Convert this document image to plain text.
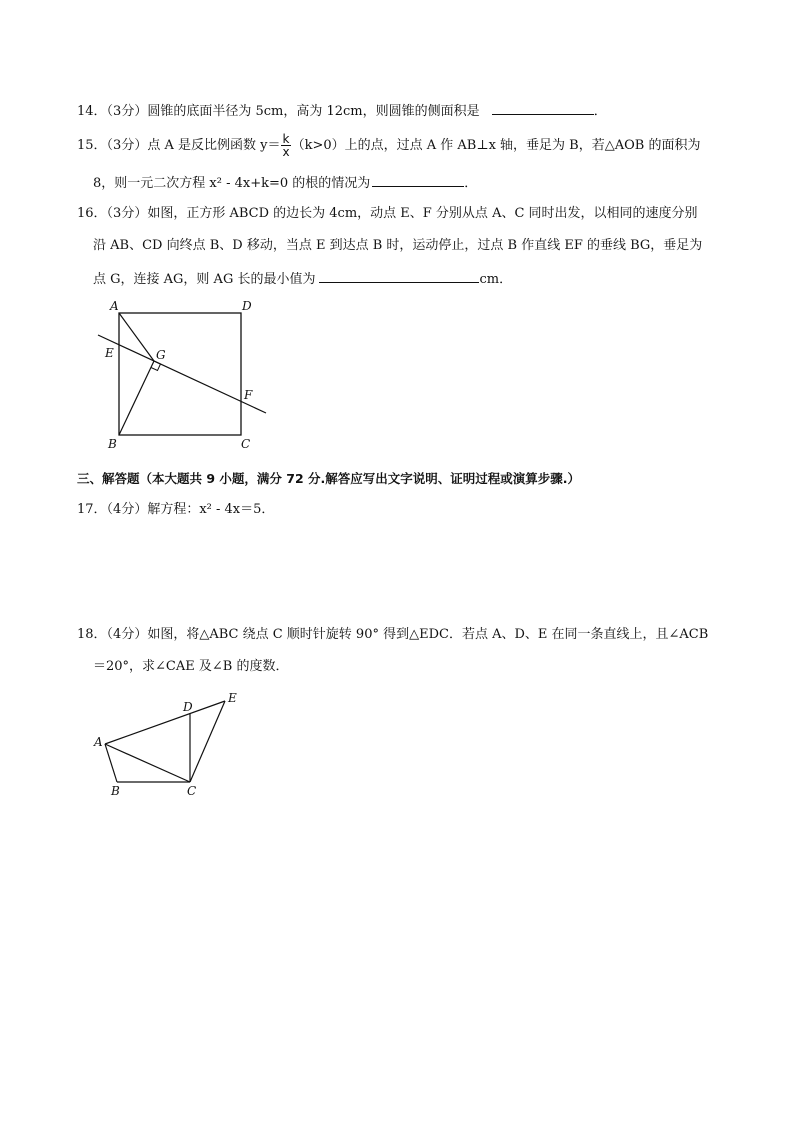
14．（3分）圆锥的底面半径为 5cm，高为 12cm，则圆锥的侧面积是	．
15．（3分）点 A 是反比例函数 $y= \frac{k}{x} (k>0)$上的点，过点 A 作 AB⊥x 轴，垂足为 B，若△AOB 的面积为
8，则一元二次方程 x² - 4x+k=0 的根的情况为	．
16．（3分）如图，正方形 ABCD 的边长为 4cm，动点 E、F 分别从点 A、C 同时出发，以相同的速度分别
沿 AB、CD 向终点 B、D 移动，当点 E 到达点 B 时，运动停止，过点 B 作直线 EF 的垂线 BG，垂足为
点 G，连接 AG，则 AG 长的最小值为	cm．
A	D
E	G
F
B	C
三、解答题（本大题共 9 小题，满分 72 分.解答应写出文字说明、证明过程或演算步骤.）
17．（4分）解方程：x² - 4x＝5．
18．（4分）如图，将△ABC 绕点 C 顺时针旋转 90° 得到△EDC．若点 A、D、E 在同一条直线上，且∠ACB
＝20°，求∠CAE 及∠B 的度数．
A
D
E
B	C
